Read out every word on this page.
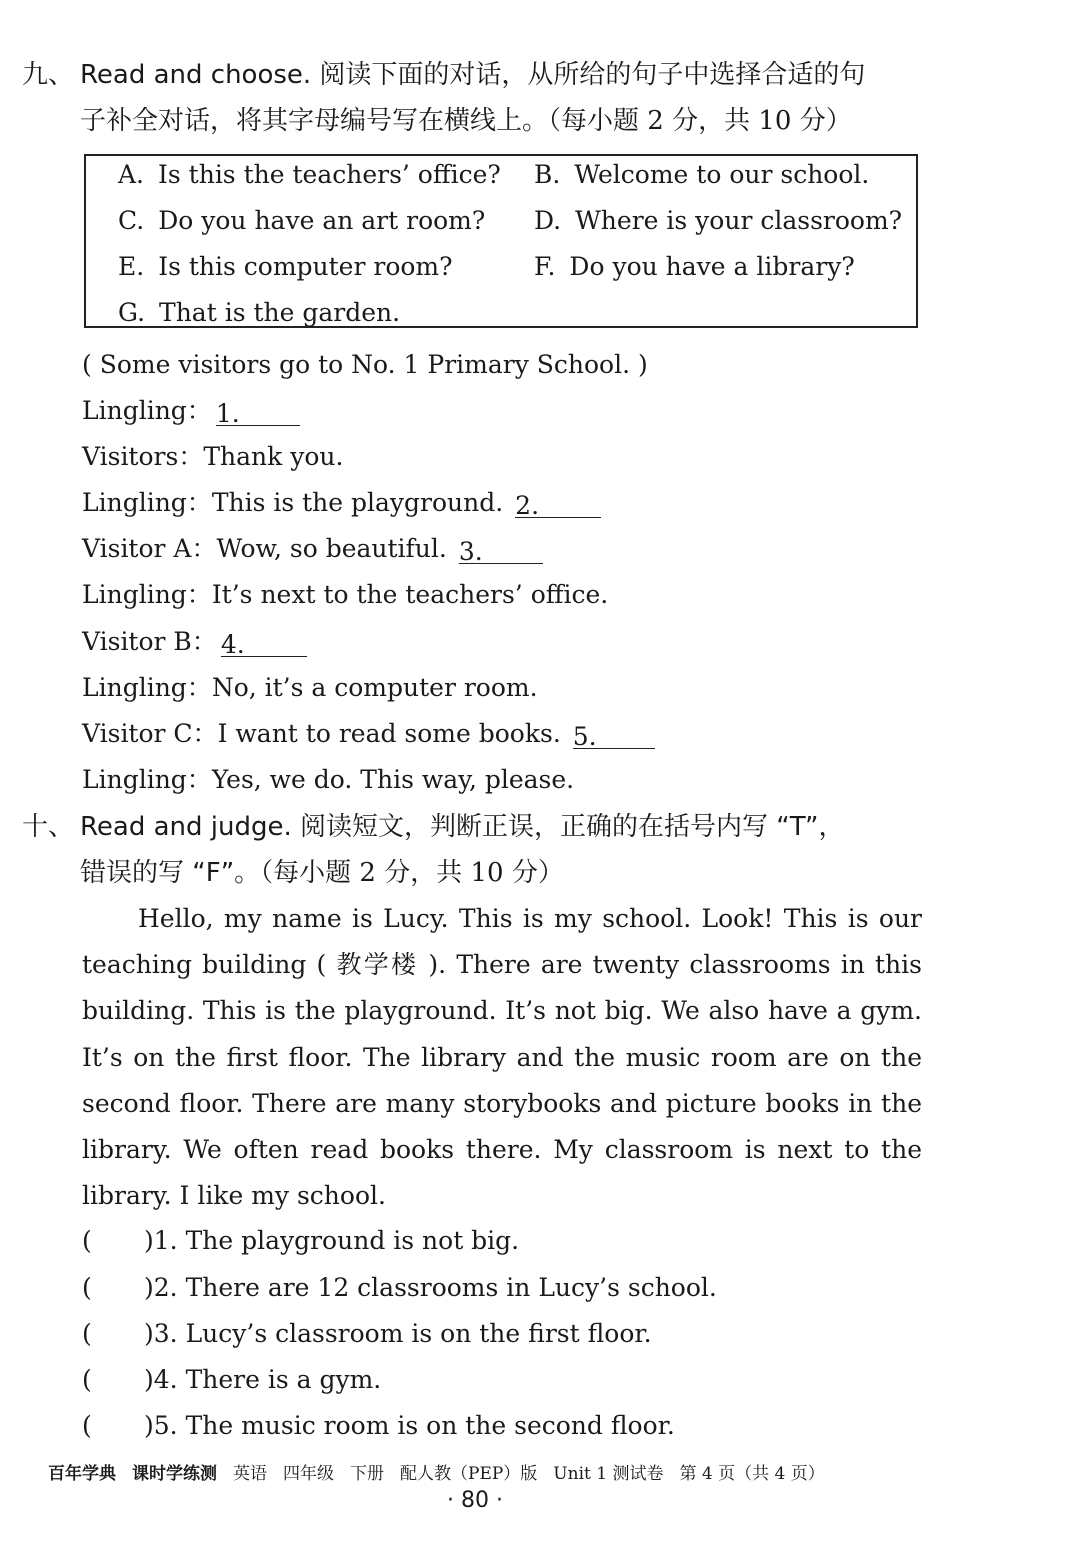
九、 Read and choose. 阅读下面的对话，从所给的句子中选择合适的句
子补全对话，将其字母编号写在横线上。（每小题 2 分，共 10 分）
A. Is this the teachers’ office? B. Welcome to our school.
C. Do you have an art room? D. Where is your classroom?
E. Is this computer room?	F. Do you have a library?
G. That is the garden.
( Some visitors go to No. 1 Primary School. )
Lingling： 1.
Visitors：Thank you.
Lingling：This is the playground. 2.
Visitor A：Wow, so beautiful. 3.
Lingling：It’s next to the teachers’ office.
Visitor B： 4.
Lingling：No, it’s a computer room.
Visitor C：I want to read some books. 5.
Lingling：Yes, we do. This way, please.
十、 Read and judge. 阅读短文，判断正误，正确的在括号内写 “T”，
错误的写 “F”。（每小题 2 分，共 10 分）
Hello, my name is Lucy. This is my school. Look! This is our teaching building ( 教学楼 ). There are twenty classrooms in this building. This is the playground. It’s not big. We also have a gym. It’s on the first floor. The library and the music room are on the second floor. There are many storybooks and picture books in the library. We often read books there. My classroom is next to the library. I like my school.
( )1. The playground is not big.
( )2. There are 12 classrooms in Lucy’s school.
( )3. Lucy’s classroom is on the first floor.
( )4. There is a gym.
( )5. The music room is on the second floor.
百年学典 课时学练测 英语 四年级 下册 配人教（PEP）版 Unit 1 测试卷 第 4 页（共 4 页）
· 80 ·
